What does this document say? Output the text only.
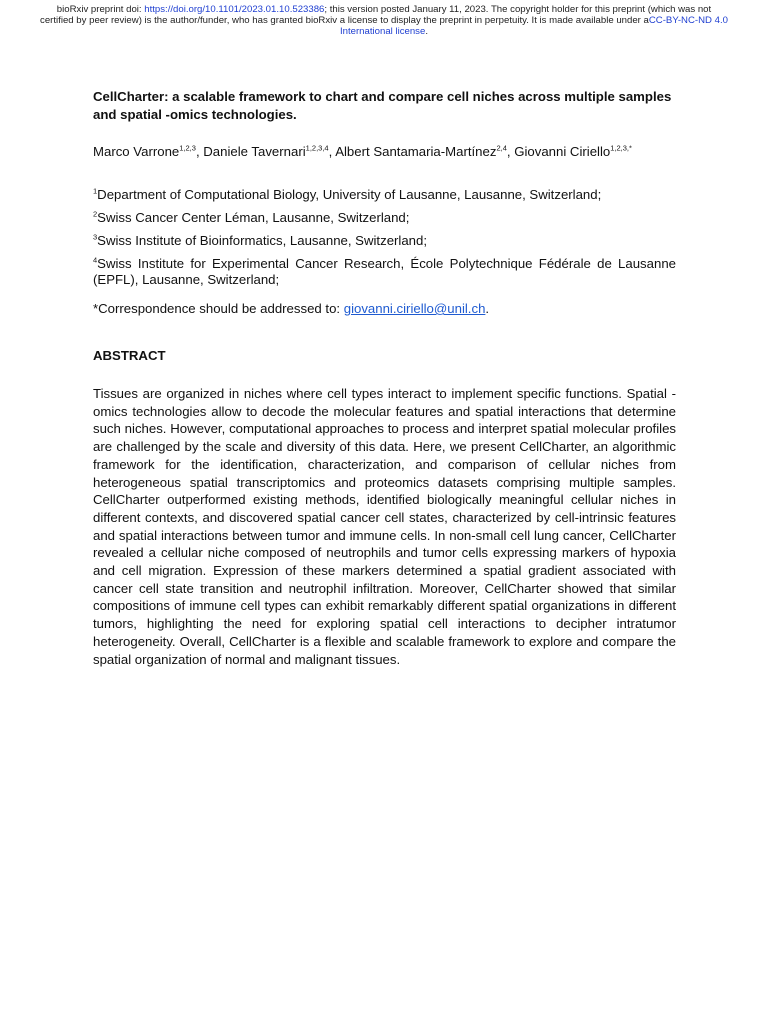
bioRxiv preprint doi: https://doi.org/10.1101/2023.01.10.523386; this version posted January 11, 2023. The copyright holder for this preprint (which was not certified by peer review) is the author/funder, who has granted bioRxiv a license to display the preprint in perpetuity. It is made available under aCC-BY-NC-ND 4.0 International license.
CellCharter: a scalable framework to chart and compare cell niches across multiple samples and spatial -omics technologies.
Marco Varrone$^{1,2,3}$, Daniele Tavernari$^{1,2,3,4}$, Albert Santamaria-Martínez$^{2,4}$, Giovanni Ciriello$^{1,2,3,*}$
$^1$Department of Computational Biology, University of Lausanne, Lausanne, Switzerland;
$^2$Swiss Cancer Center Léman, Lausanne, Switzerland;
$^3$Swiss Institute of Bioinformatics, Lausanne, Switzerland;
$^4$Swiss Institute for Experimental Cancer Research, École Polytechnique Fédérale de Lausanne (EPFL), Lausanne, Switzerland;
*Correspondence should be addressed to: giovanni.ciriello@unil.ch.
ABSTRACT

Tissues are organized in niches where cell types interact to implement specific functions. Spatial -omics technologies allow to decode the molecular features and spatial interactions that determine such niches. However, computational approaches to process and interpret spatial molecular profiles are challenged by the scale and diversity of this data. Here, we present CellCharter, an algorithmic framework for the identification, characterization, and comparison of cellular niches from heterogeneous spatial transcriptomics and proteomics datasets comprising multiple samples. CellCharter outperformed existing methods, identified biologically meaningful cellular niches in different contexts, and discovered spatial cancer cell states, characterized by cell-intrinsic features and spatial interactions between tumor and immune cells. In non-small cell lung cancer, CellCharter revealed a cellular niche composed of neutrophils and tumor cells expressing markers of hypoxia and cell migration. Expression of these markers determined a spatial gradient associated with cancer cell state transition and neutrophil infiltration. Moreover, CellCharter showed that similar compositions of immune cell types can exhibit remarkably different spatial organizations in different tumors, highlighting the need for exploring spatial cell interactions to decipher intratumor heterogeneity. Overall, CellCharter is a flexible and scalable framework to explore and compare the spatial organization of normal and malignant tissues.
